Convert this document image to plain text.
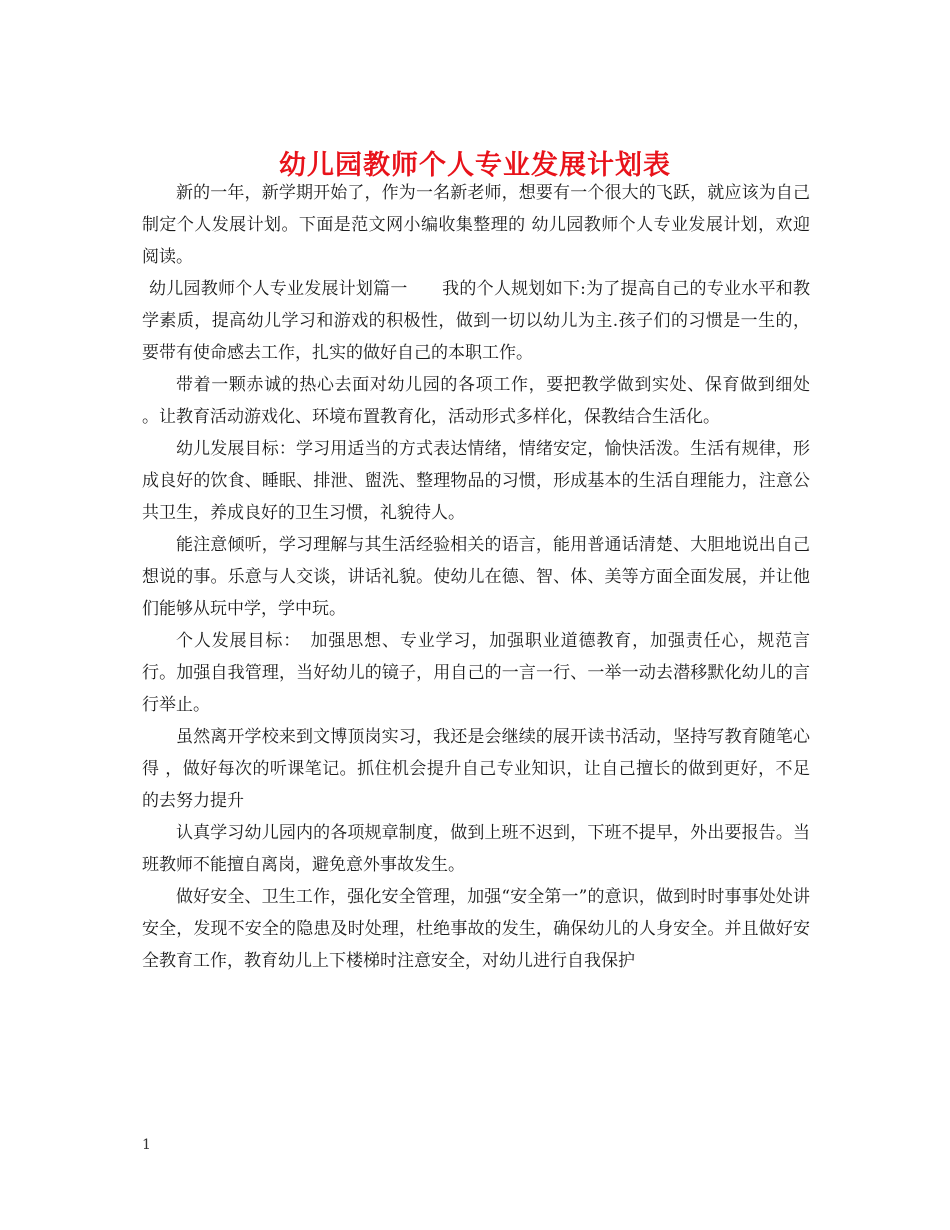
幼儿园教师个人专业发展计划表

新的一年，新学期开始了，作为一名新老师，想要有一个很大的飞跃，就应该为自己制定个人发展计划。下面是范文网小编收集整理的 幼儿园教师个人专业发展计划，欢迎阅读。

幼儿园教师个人专业发展计划篇一　　我的个人规划如下:为了提高自己的专业水平和教学素质，提高幼儿学习和游戏的积极性，做到一切以幼儿为主.孩子们的习惯是一生的，要带有使命感去工作，扎实的做好自己的本职工作。

带着一颗赤诚的热心去面对幼儿园的各项工作，要把教学做到实处、保育做到细处 。让教育活动游戏化、环境布置教育化，活动形式多样化，保教结合生活化。

幼儿发展目标：学习用适当的方式表达情绪，情绪安定，愉快活泼。生活有规律，形成良好的饮食、睡眠、排泄、盥洗、整理物品的习惯，形成基本的生活自理能力，注意公共卫生，养成良好的卫生习惯，礼貌待人。

能注意倾听，学习理解与其生活经验相关的语言，能用普通话清楚、大胆地说出自己想说的事。乐意与人交谈，讲话礼貌。使幼儿在德、智、体、美等方面全面发展，并让他们能够从玩中学，学中玩。

个人发展目标：　加强思想、专业学习，加强职业道德教育，加强责任心，规范言行。加强自我管理，当好幼儿的镜子，用自己的一言一行、一举一动去潜移默化幼儿的言行举止。

虽然离开学校来到文博顶岗实习，我还是会继续的展开读书活动，坚持写教育随笔心得 ，做好每次的听课笔记。抓住机会提升自己专业知识，让自己擅长的做到更好，不足的去努力提升

认真学习幼儿园内的各项规章制度，做到上班不迟到，下班不提早，外出要报告。当班教师不能擅自离岗，避免意外事故发生。

做好安全、卫生工作，强化安全管理，加强“安全第一”的意识，做到时时事事处处讲安全，发现不安全的隐患及时处理，杜绝事故的发生，确保幼儿的人身安全。并且做好安全教育工作，教育幼儿上下楼梯时注意安全，对幼儿进行自我保护

1
